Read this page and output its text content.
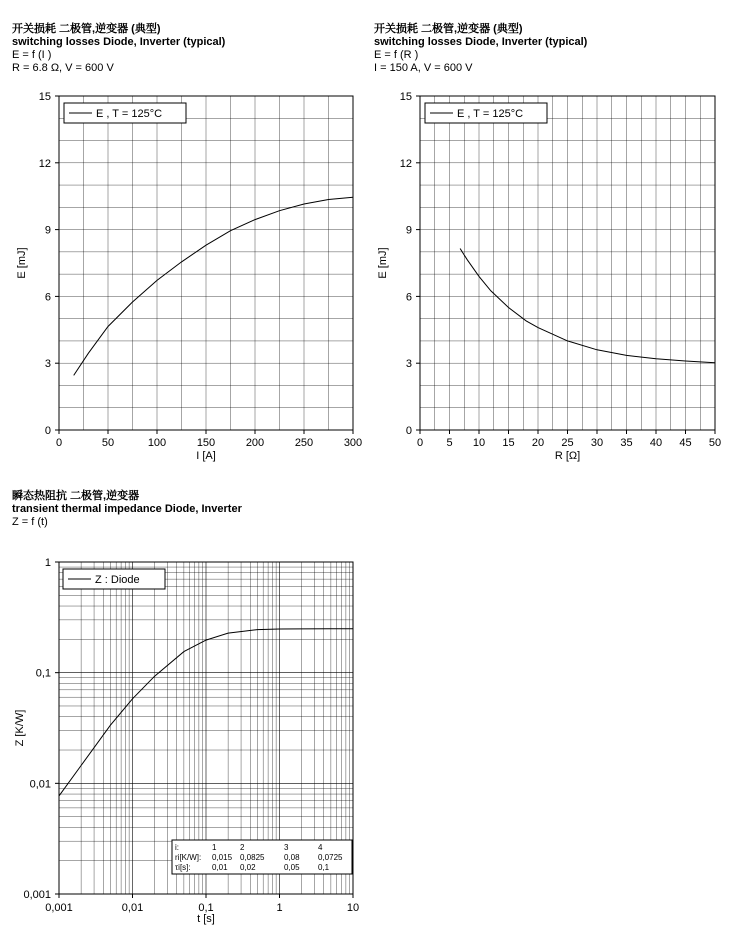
开关损耗 二极管,逆变器 (典型)
switching losses Diode, Inverter (typical)
E = f (I )
R = 6.8 Ω, V = 600 V
开关损耗 二极管,逆变器 (典型)
switching losses Diode, Inverter (typical)
E = f (R )
I = 150 A, V = 600 V
瞬态热阻抗 二极管,逆变器
transient thermal impedance Diode, Inverter
Z = f (t)
0	50	100	150	200	250	300
0
3
6
9
12
15
I [A]
E [mJ]
E , T = 125°C
0 5 10 15 20 25 30 35 40 45 50
0
3
6
9
12
15
R [Ω]
E [mJ]
E , T = 125°C
0,001	0,01	0,1	1	10
0,001
0,01
0,1
1
t [s]
Z [K/W]
Z : Diode
i:	1	2	3	4
ri[K/W]: 0,015 0,0825 0,08 0,0725
τi[s]:	0,01 0,02	0,05 0,1
